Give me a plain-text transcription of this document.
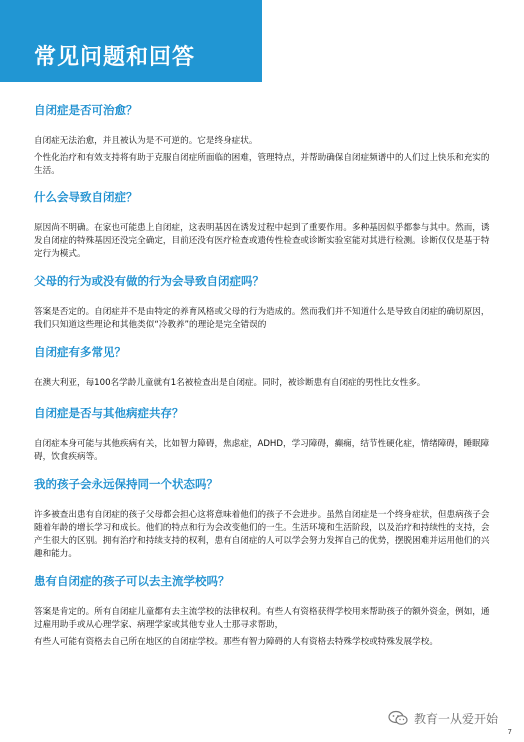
常见问题和回答
自闭症是否可治愈？

自闭症无法治愈，并且被认为是不可逆的。它是终身症状。

个性化治疗和有效支持将有助于克服自闭症所面临的困难，管理特点，并帮助确保自闭症频谱中的人们过上快乐和充实的生活。

什么会导致自闭症？

原因尚不明确。在家也可能患上自闭症，这表明基因在诱发过程中起到了重要作用。多种基因似乎都参与其中。然而，诱发自闭症的特殊基因还没完全确定，目前还没有医疗检查或遗传性检查或诊断实验室能对其进行检测。诊断仅仅是基于特定行为模式。

父母的行为或没有做的行为会导致自闭症吗？

答案是否定的。自闭症并不是由特定的养育风格或父母的行为造成的。然而我们并不知道什么是导致自闭症的确切原因，我们只知道这些理论和其他类似“冷教养”的理论是完全错误的

自闭症有多常见？

在澳大利亚，每100名学龄儿童就有1名被检查出是自闭症。同时，被诊断患有自闭症的男性比女性多。

自闭症是否与其他病症共存？

自闭症本身可能与其他疾病有关，比如智力障碍，焦虑症，ADHD，学习障碍，癫痫，结节性硬化症，情绪障碍，睡眠障碍，饮食疾病等。

我的孩子会永远保持同一个状态吗？

许多被查出患有自闭症的孩子父母都会担心这将意味着他们的孩子不会进步。虽然自闭症是一个终身症状，但患病孩子会随着年龄的增长学习和成长。他们的特点和行为会改变他们的一生。生活环境和生活阶段，以及治疗和持续性的支持，会产生很大的区别。拥有治疗和持续支持的权利，患有自闭症的人可以学会努力发挥自己的优势，摆脱困难并运用他们的兴趣和能力。

患有自闭症的孩子可以去主流学校吗？

答案是肯定的。所有自闭症儿童都有去主流学校的法律权利。有些人有资格获得学校用来帮助孩子的额外资金，例如，通过雇用助手或从心理学家、病理学家或其他专业人士那寻求帮助，

有些人可能有资格去自己所在地区的自闭症学校。那些有智力障碍的人有资格去特殊学校或特殊发展学校。

教育一从爱开始
7
